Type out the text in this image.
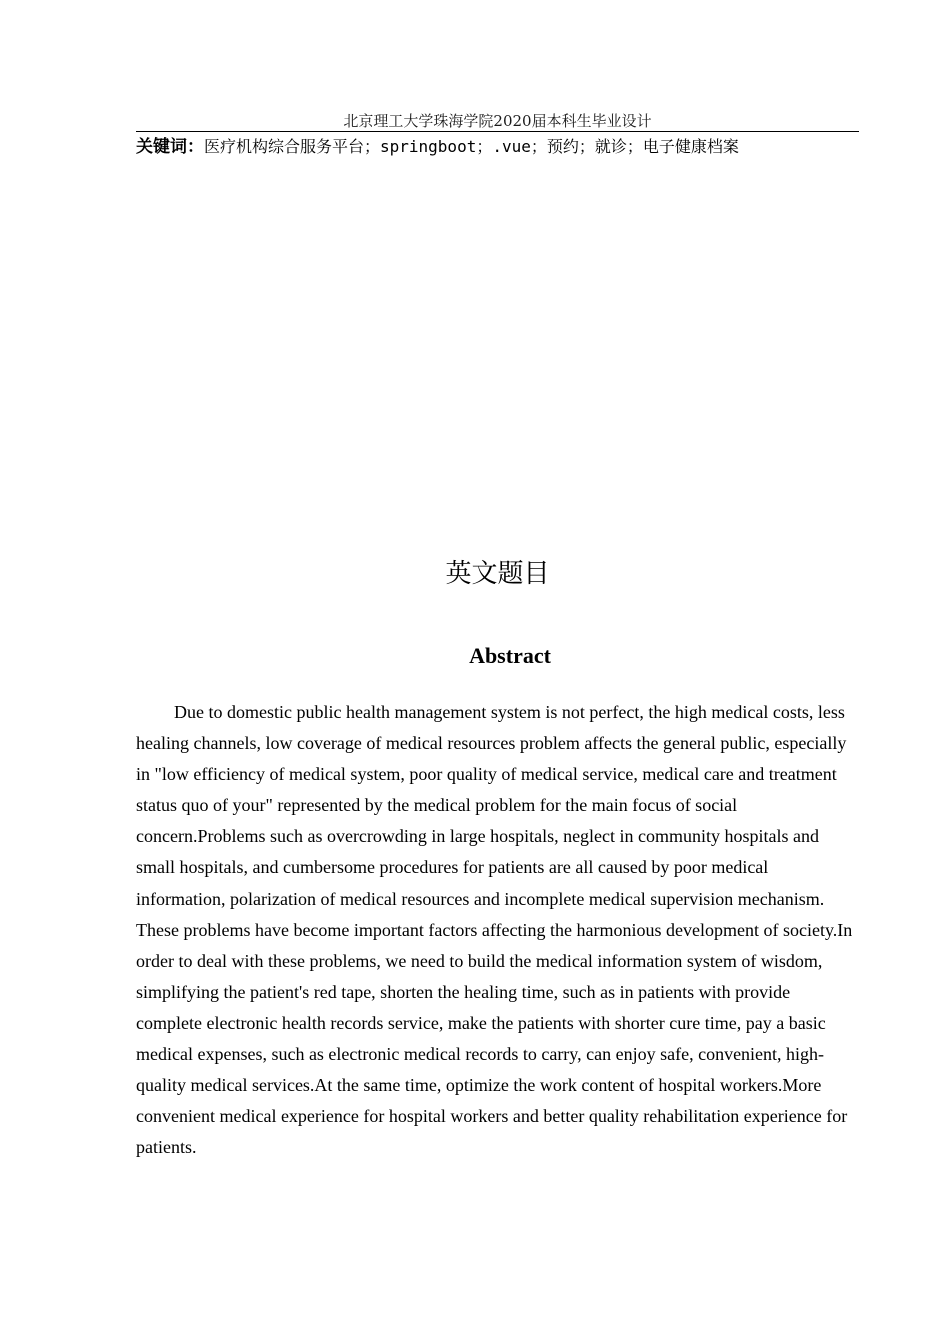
北京理工大学珠海学院2020届本科生毕业设计
关键词：医疗机构综合服务平台；springboot；.vue；预约；就诊；电子健康档案
英文题目
Abstract

Due to domestic public health management system is not perfect, the high medical costs, less healing channels, low coverage of medical resources problem affects the general public, especially in "low efficiency of medical system, poor quality of medical service, medical care and treatment status quo of your" represented by the medical problem for the main focus of social concern.Problems such as overcrowding in large hospitals, neglect in community hospitals and small hospitals, and cumbersome procedures for patients are all caused by poor medical information, polarization of medical resources and incomplete medical supervision mechanism. These problems have become important factors affecting the harmonious development of society.In order to deal with these problems, we need to build the medical information system of wisdom, simplifying the patient's red tape, shorten the healing time, such as in patients with provide complete electronic health records service, make the patients with shorter cure time, pay a basic medical expenses, such as electronic medical records to carry, can enjoy safe, convenient, high-quality medical services.At the same time, optimize the work content of hospital workers.More convenient medical experience for hospital workers and better quality rehabilitation experience for patients.
